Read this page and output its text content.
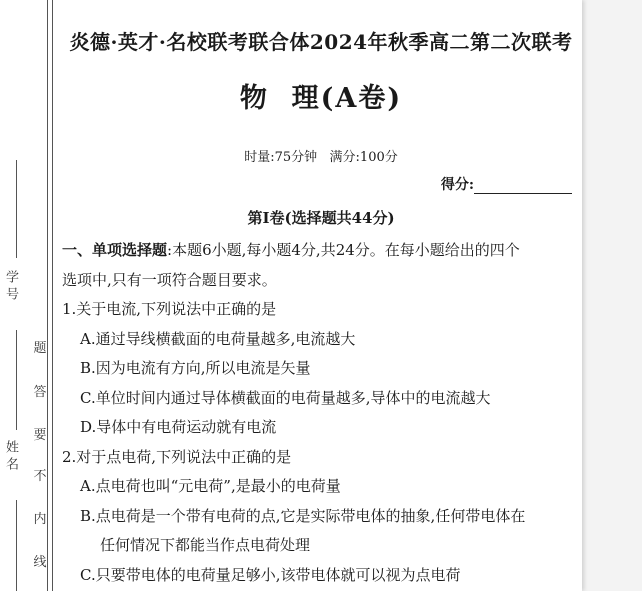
学 号
姓 名
题
答
要
不
内
线
炎德·英才·名校联考联合体2024年秋季高二第二次联考
物  理(A卷)
时量:75分钟   满分:100分
得分:
第Ⅰ卷(选择题共44分)

一、单项选择题:本题6小题,每小题4分,共24分。在每小题给出的四个

选项中,只有一项符合题目要求。

1.关于电流,下列说法中正确的是

A.通过导线横截面的电荷量越多,电流越大

B.因为电流有方向,所以电流是矢量

C.单位时间内通过导体横截面的电荷量越多,导体中的电流越大

D.导体中有电荷运动就有电流

2.对于点电荷,下列说法中正确的是

A.点电荷也叫“元电荷”,是最小的电荷量

B.点电荷是一个带有电荷的点,它是实际带电体的抽象,任何带电体在

任何情况下都能当作点电荷处理

C.只要带电体的电荷量足够小,该带电体就可以视为点电荷
